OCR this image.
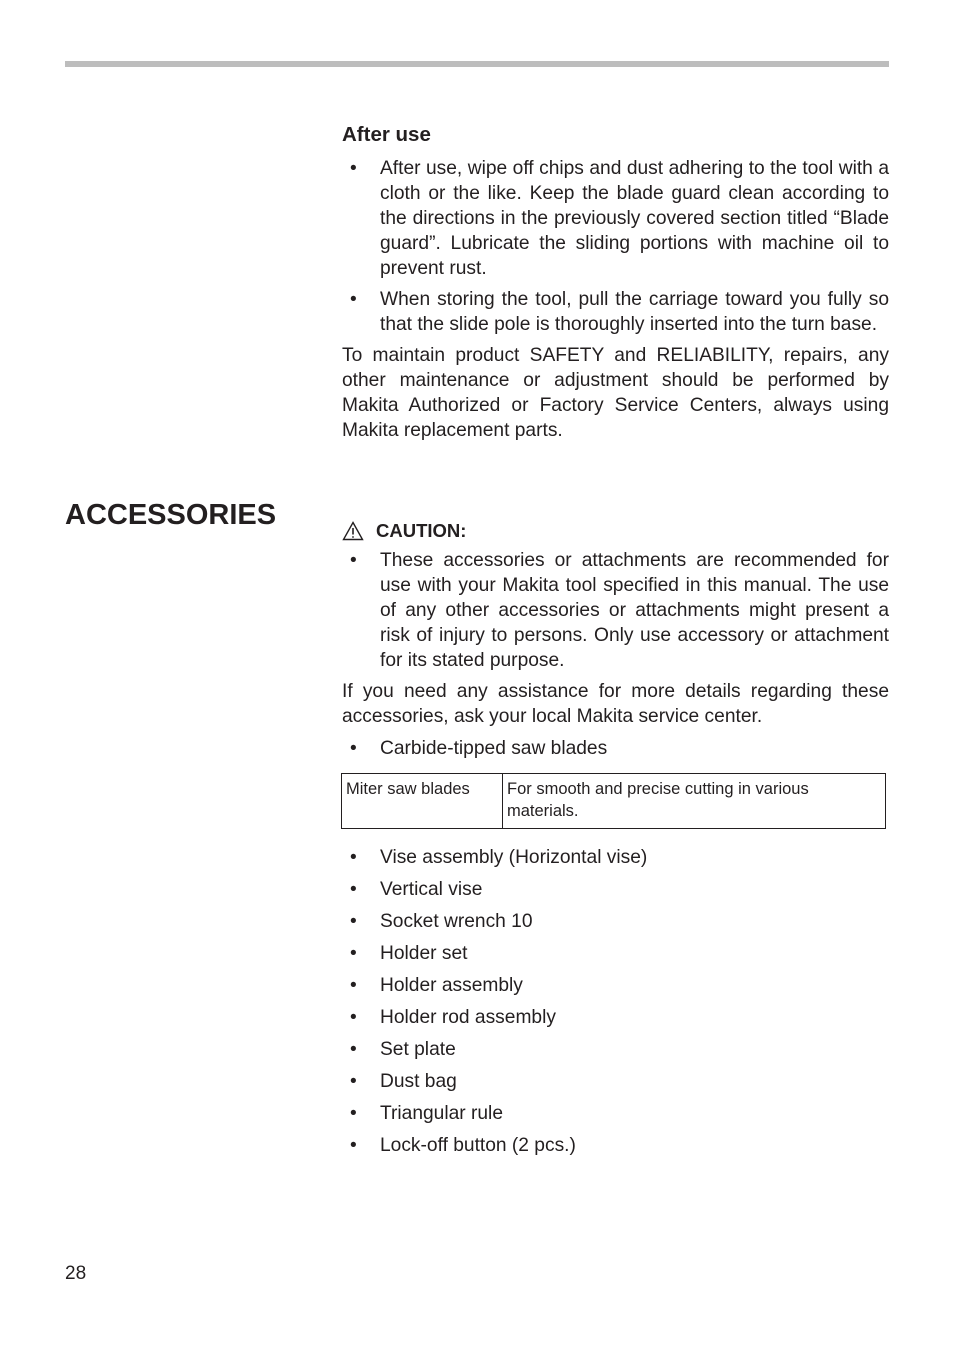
After use
• After use, wipe off chips and dust adhering to the tool with a cloth or the like. Keep the blade guard clean according to the directions in the previously covered section titled “Blade guard”. Lubricate the sliding portions with machine oil to prevent rust.
• When storing the tool, pull the carriage toward you fully so that the slide pole is thoroughly inserted into the turn base.

To maintain product SAFETY and RELIABILITY, repairs, any other maintenance or adjustment should be performed by Makita Authorized or Factory Service Centers, always using Makita replacement parts.

ACCESSORIES	CAUTION:
• These accessories or attachments are recommended for use with your Makita tool specified in this manual. The use of any other accessories or attachments might present a risk of injury to persons. Only use accessory or attachment for its stated purpose.

If you need any assistance for more details regarding these accessories, ask your local Makita service center.

• Carbide-tipped saw blades
Miter saw blades	For smooth and precise cutting in various materials.
• Vise assembly (Horizontal vise)
• Vertical vise
• Socket wrench 10
• Holder set
• Holder assembly
• Holder rod assembly
• Set plate
• Dust bag
• Triangular rule
• Lock-off button (2 pcs.)
28
